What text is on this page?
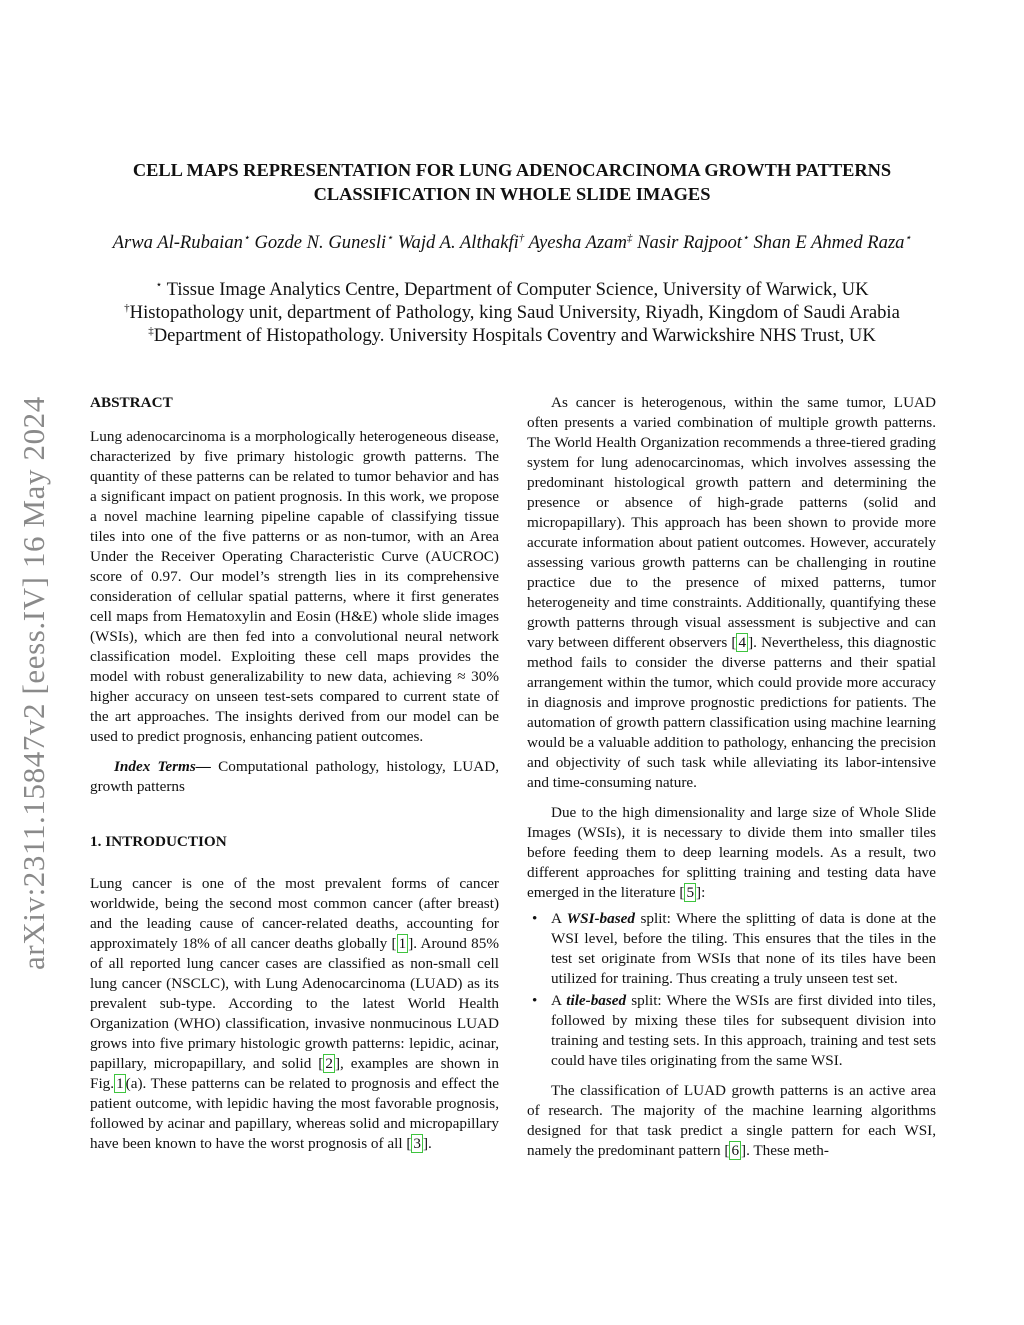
arXiv:2311.15847v2 [eess.IV] 16 May 2024
CELL MAPS REPRESENTATION FOR LUNG ADENOCARCINOMA GROWTH PATTERNS
CLASSIFICATION IN WHOLE SLIDE IMAGES
Arwa Al-Rubaian⋆ Gozde N. Gunesli⋆ Wajd A. Althakfi† Ayesha Azam‡ Nasir Rajpoot⋆ Shan E Ahmed Raza⋆
⋆ Tissue Image Analytics Centre, Department of Computer Science, University of Warwick, UK
†Histopathology unit, department of Pathology, king Saud University, Riyadh, Kingdom of Saudi Arabia
‡Department of Histopathology. University Hospitals Coventry and Warwickshire NHS Trust, UK

ABSTRACT

Lung adenocarcinoma is a morphologically heterogeneous disease, characterized by five primary histologic growth patterns. The quantity of these patterns can be related to tumor behavior and has a significant impact on patient prognosis. In this work, we propose a novel machine learning pipeline capable of classifying tissue tiles into one of the five patterns or as non-tumor, with an Area Under the Receiver Operating Characteristic Curve (AUCROC) score of 0.97. Our model’s strength lies in its comprehensive consideration of cellular spatial patterns, where it first generates cell maps from Hematoxylin and Eosin (H&E) whole slide images (WSIs), which are then fed into a convolutional neural network classification model. Exploiting these cell maps provides the model with robust generalizability to new data, achieving ≈ 30% higher accuracy on unseen test-sets compared to current state of the art approaches. The insights derived from our model can be used to predict prognosis, enhancing patient outcomes.

Index Terms— Computational pathology, histology, LUAD, growth patterns

1. INTRODUCTION

Lung cancer is one of the most prevalent forms of cancer worldwide, being the second most common cancer (after breast) and the leading cause of cancer-related deaths, accounting for approximately 18% of all cancer deaths globally [ 1 ]. Around 85% of all reported lung cancer cases are classified as non-small cell lung cancer (NSCLC), with Lung Adenocarcinoma (LUAD) as its prevalent sub-type. According to the latest World Health Organization (WHO) classification, invasive nonmucinous LUAD grows into five primary histologic growth patterns: lepidic, acinar, papillary, micropapillary, and solid [ 2 ], examples are shown in Fig. 1 (a). These patterns can be related to prognosis and effect the patient outcome, with lepidic having the most favorable prognosis, followed by acinar and papillary, whereas solid and micropapillary have been known to have the worst prognosis of all [ 3 ].

As cancer is heterogenous, within the same tumor, LUAD often presents a varied combination of multiple growth patterns. The World Health Organization recommends a three-tiered grading system for lung adenocarcinomas, which involves assessing the predominant histological growth pattern and determining the presence or absence of high-grade patterns (solid and micropapillary). This approach has been shown to provide more accurate information about patient outcomes. However, accurately assessing various growth patterns can be challenging in routine practice due to the presence of mixed patterns, tumor heterogeneity and time constraints. Additionally, quantifying these growth patterns through visual assessment is subjective and can vary between different observers [ 4 ]. Nevertheless, this diagnostic method fails to consider the diverse patterns and their spatial arrangement within the tumor, which could provide more accuracy in diagnosis and improve prognostic predictions for patients. The automation of growth pattern classification using machine learning would be a valuable addition to pathology, enhancing the precision and objectivity of such task while alleviating its labor-intensive and time-consuming nature.

Due to the high dimensionality and large size of Whole Slide Images (WSIs), it is necessary to divide them into smaller tiles before feeding them to deep learning models. As a result, two different approaches for splitting training and testing data have emerged in the literature [ 5 ]:

• A WSI-based split: Where the splitting of data is done at the WSI level, before the tiling. This ensures that the tiles in the test set originate from WSIs that none of its tiles have been utilized for training. Thus creating a truly unseen test set.
• A tile-based split: Where the WSIs are first divided into tiles, followed by mixing these tiles for subsequent division into training and testing sets. In this approach, training and test sets could have tiles originating from the same WSI.

The classification of LUAD growth patterns is an active area of research. The majority of the machine learning algorithms designed for that task predict a single pattern for each WSI, namely the predominant pattern [ 6 ]. These meth-
